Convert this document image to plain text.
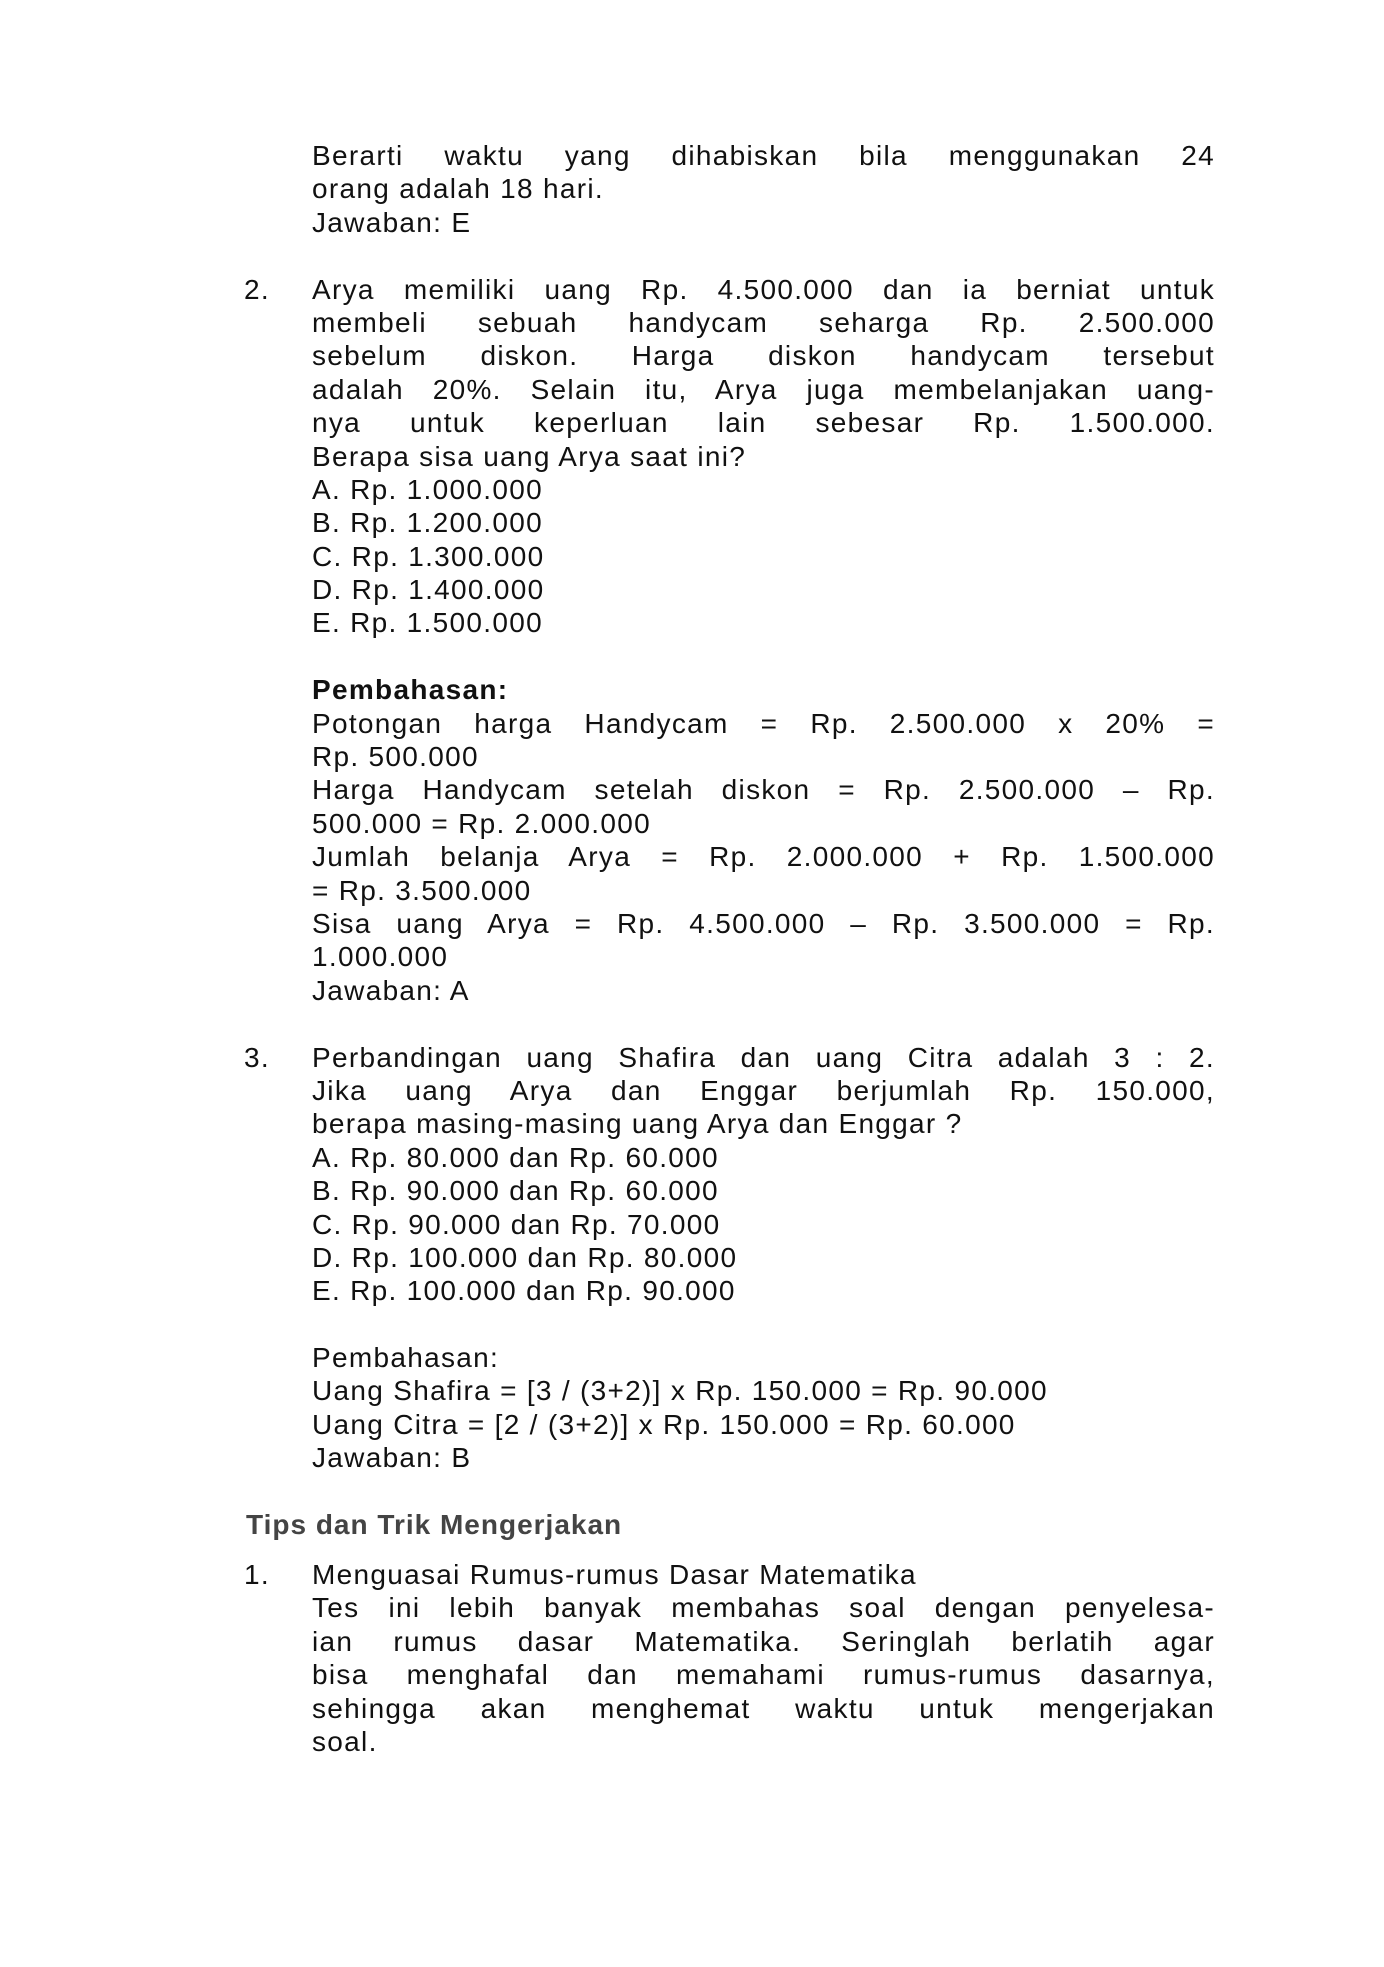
Berarti waktu yang dihabiskan bila menggunakan 24
orang adalah 18 hari.
Jawaban: E
2. Arya memiliki uang Rp. 4.500.000 dan ia berniat untuk
membeli sebuah handycam seharga Rp. 2.500.000
sebelum diskon. Harga diskon handycam tersebut
adalah 20%. Selain itu, Arya juga membelanjakan uang-
nya untuk keperluan lain sebesar Rp. 1.500.000.
Berapa sisa uang Arya saat ini?
A. Rp. 1.000.000
B. Rp. 1.200.000
C. Rp. 1.300.000
D. Rp. 1.400.000
E. Rp. 1.500.000
Pembahasan:
Potongan harga Handycam = Rp. 2.500.000 x 20% =
Rp. 500.000
Harga Handycam setelah diskon = Rp. 2.500.000 – Rp.
500.000 = Rp. 2.000.000
Jumlah belanja Arya = Rp. 2.000.000 + Rp. 1.500.000
= Rp. 3.500.000
Sisa uang Arya = Rp. 4.500.000 – Rp. 3.500.000 = Rp.
1.000.000
Jawaban: A
3. Perbandingan uang Shafira dan uang Citra adalah 3 : 2.
Jika uang Arya dan Enggar berjumlah Rp. 150.000,
berapa masing-masing uang Arya dan Enggar ?
A. Rp. 80.000 dan Rp. 60.000
B. Rp. 90.000 dan Rp. 60.000
C. Rp. 90.000 dan Rp. 70.000
D. Rp. 100.000 dan Rp. 80.000
E. Rp. 100.000 dan Rp. 90.000
Pembahasan:
Uang Shafira = [3 / (3+2)] x Rp. 150.000 = Rp. 90.000
Uang Citra = [2 / (3+2)] x Rp. 150.000 = Rp. 60.000
Jawaban: B
Tips dan Trik Mengerjakan
1. Menguasai Rumus-rumus Dasar Matematika
Tes ini lebih banyak membahas soal dengan penyelesa-
ian rumus dasar Matematika. Seringlah berlatih agar
bisa menghafal dan memahami rumus-rumus dasarnya,
sehingga akan menghemat waktu untuk mengerjakan
soal.
